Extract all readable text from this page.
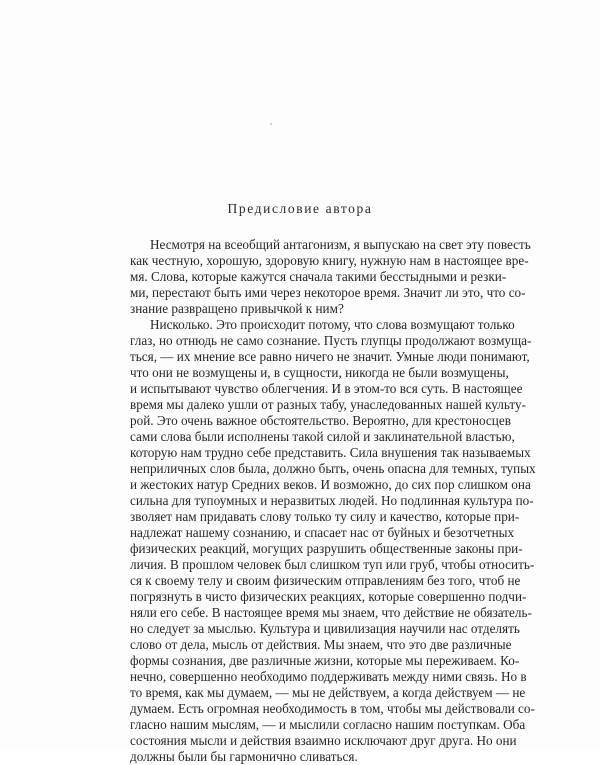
Предисловие автора
Несмотря на всеобщий антагонизм, я выпускаю на свет эту повесть
как честную, хорошую, здоровую книгу, нужную нам в настоящее вре-
мя. Слова, которые кажутся сначала такими бесстыдными и резки-
ми, перестают быть ими через некоторое время. Значит ли это, что со-
знание развращено привычкой к ним?
Нисколько. Это происходит потому, что слова возмущают только
глаз, но отнюдь не само сознание. Пусть глупцы продолжают возмуща-
ться, — их мнение все равно ничего не значит. Умные люди понимают,
что они не возмущены и, в сущности, никогда не были возмущены,
и испытывают чувство облегчения. И в этом-то вся суть. В настоящее
время мы далеко ушли от разных табу, унаследованных нашей культу-
рой. Это очень важное обстоятельство. Вероятно, для крестоносцев
сами слова были исполнены такой силой и заклинательной властью,
которую нам трудно себе представить. Сила внушения так называемых
неприличных слов была, должно быть, очень опасна для темных, тупых
и жестоких натур Средних веков. И возможно, до сих пор слишком она
сильна для тупоумных и неразвитых людей. Но подлинная культура по-
зволяет нам придавать слову только ту силу и качество, которые при-
надлежат нашему сознанию, и спасает нас от буйных и безотчетных
физических реакций, могущих разрушить общественные законы при-
личия. В прошлом человек был слишком туп или груб, чтобы относить-
ся к своему телу и своим физическим отправлениям без того, чтоб не
погрязнуть в чисто физических реакциях, которые совершенно подчи-
няли его себе. В настоящее время мы знаем, что действие не обязатель-
но следует за мыслью. Культура и цивилизация научили нас отделять
слово от дела, мысль от действия. Мы знаем, что это две различные
формы сознания, две различные жизни, которые мы переживаем. Ко-
нечно, совершенно необходимо поддерживать между ними связь. Но в
то время, как мы думаем, — мы не действуем, а когда действуем — не
думаем. Есть огромная необходимость в том, чтобы мы действовали со-
гласно нашим мыслям, — и мыслили согласно нашим поступкам. Оба
состояния мысли и действия взаимно исключают друг друга. Но они
должны были бы гармонично сливаться.
